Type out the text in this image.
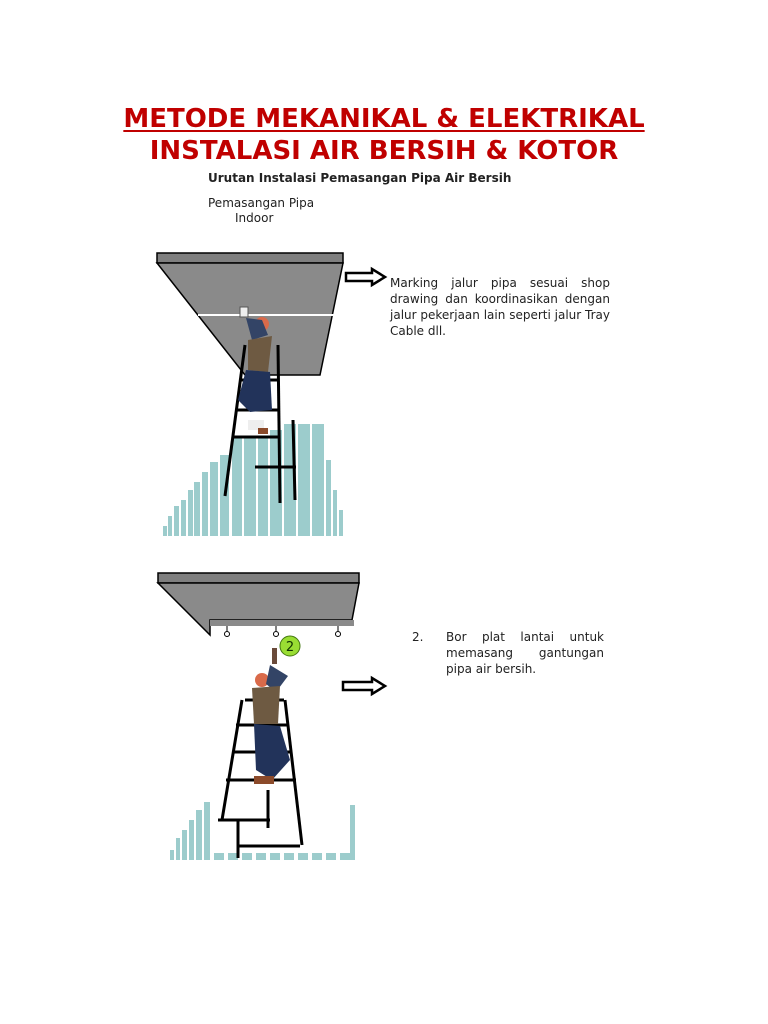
METODE MEKANIKAL & ELEKTRIKAL
INSTALASI AIR BERSIH & KOTOR
Urutan Instalasi Pemasangan Pipa Air Bersih
Pemasangan Pipa
Indoor
Marking jalur pipa sesuai shop drawing dan koordinasikan dengan jalur pekerjaan lain seperti jalur Tray Cable dll.
2
2. Bor plat lantai untuk memasang gantungan pipa air bersih.
